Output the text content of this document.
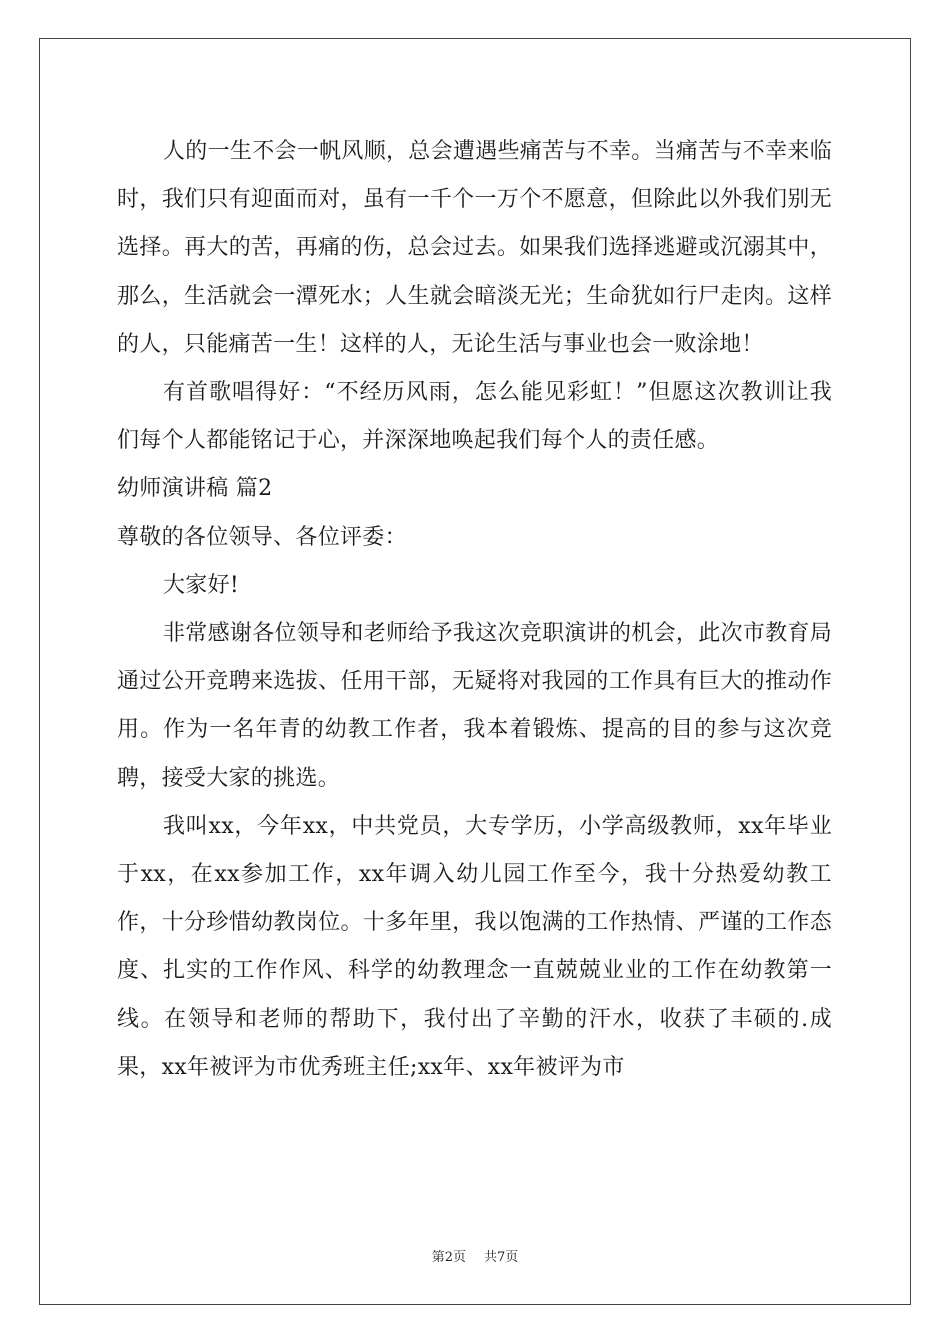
人的一生不会一帆风顺，总会遭遇些痛苦与不幸。当痛苦与不幸来临时，我们只有迎面而对，虽有一千个一万个不愿意，但除此以外我们别无选择。再大的苦，再痛的伤，总会过去。如果我们选择逃避或沉溺其中，那么，生活就会一潭死水；人生就会暗淡无光；生命犹如行尸走肉。这样的人，只能痛苦一生！这样的人，无论生活与事业也会一败涂地！

有首歌唱得好：“不经历风雨，怎么能见彩虹！”但愿这次教训让我们每个人都能铭记于心，并深深地唤起我们每个人的责任感。

幼师演讲稿 篇2

尊敬的各位领导、各位评委：

大家好!

非常感谢各位领导和老师给予我这次竞职演讲的机会，此次市教育局通过公开竞聘来选拔、任用干部，无疑将对我园的工作具有巨大的推动作用。作为一名年青的幼教工作者，我本着锻炼、提高的目的参与这次竞聘，接受大家的挑选。

我叫xx，今年xx，中共党员，大专学历，小学高级教师，xx年毕业于xx，在xx参加工作，xx年调入幼儿园工作至今，我十分热爱幼教工作，十分珍惜幼教岗位。十多年里，我以饱满的工作热情、严谨的工作态度、扎实的工作作风、科学的幼教理念一直兢兢业业的工作在幼教第一线。在领导和老师的帮助下，我付出了辛勤的汗水，收获了丰硕的.成果，xx年被评为市优秀班主任;xx年、xx年被评为市

第2页 共7页
